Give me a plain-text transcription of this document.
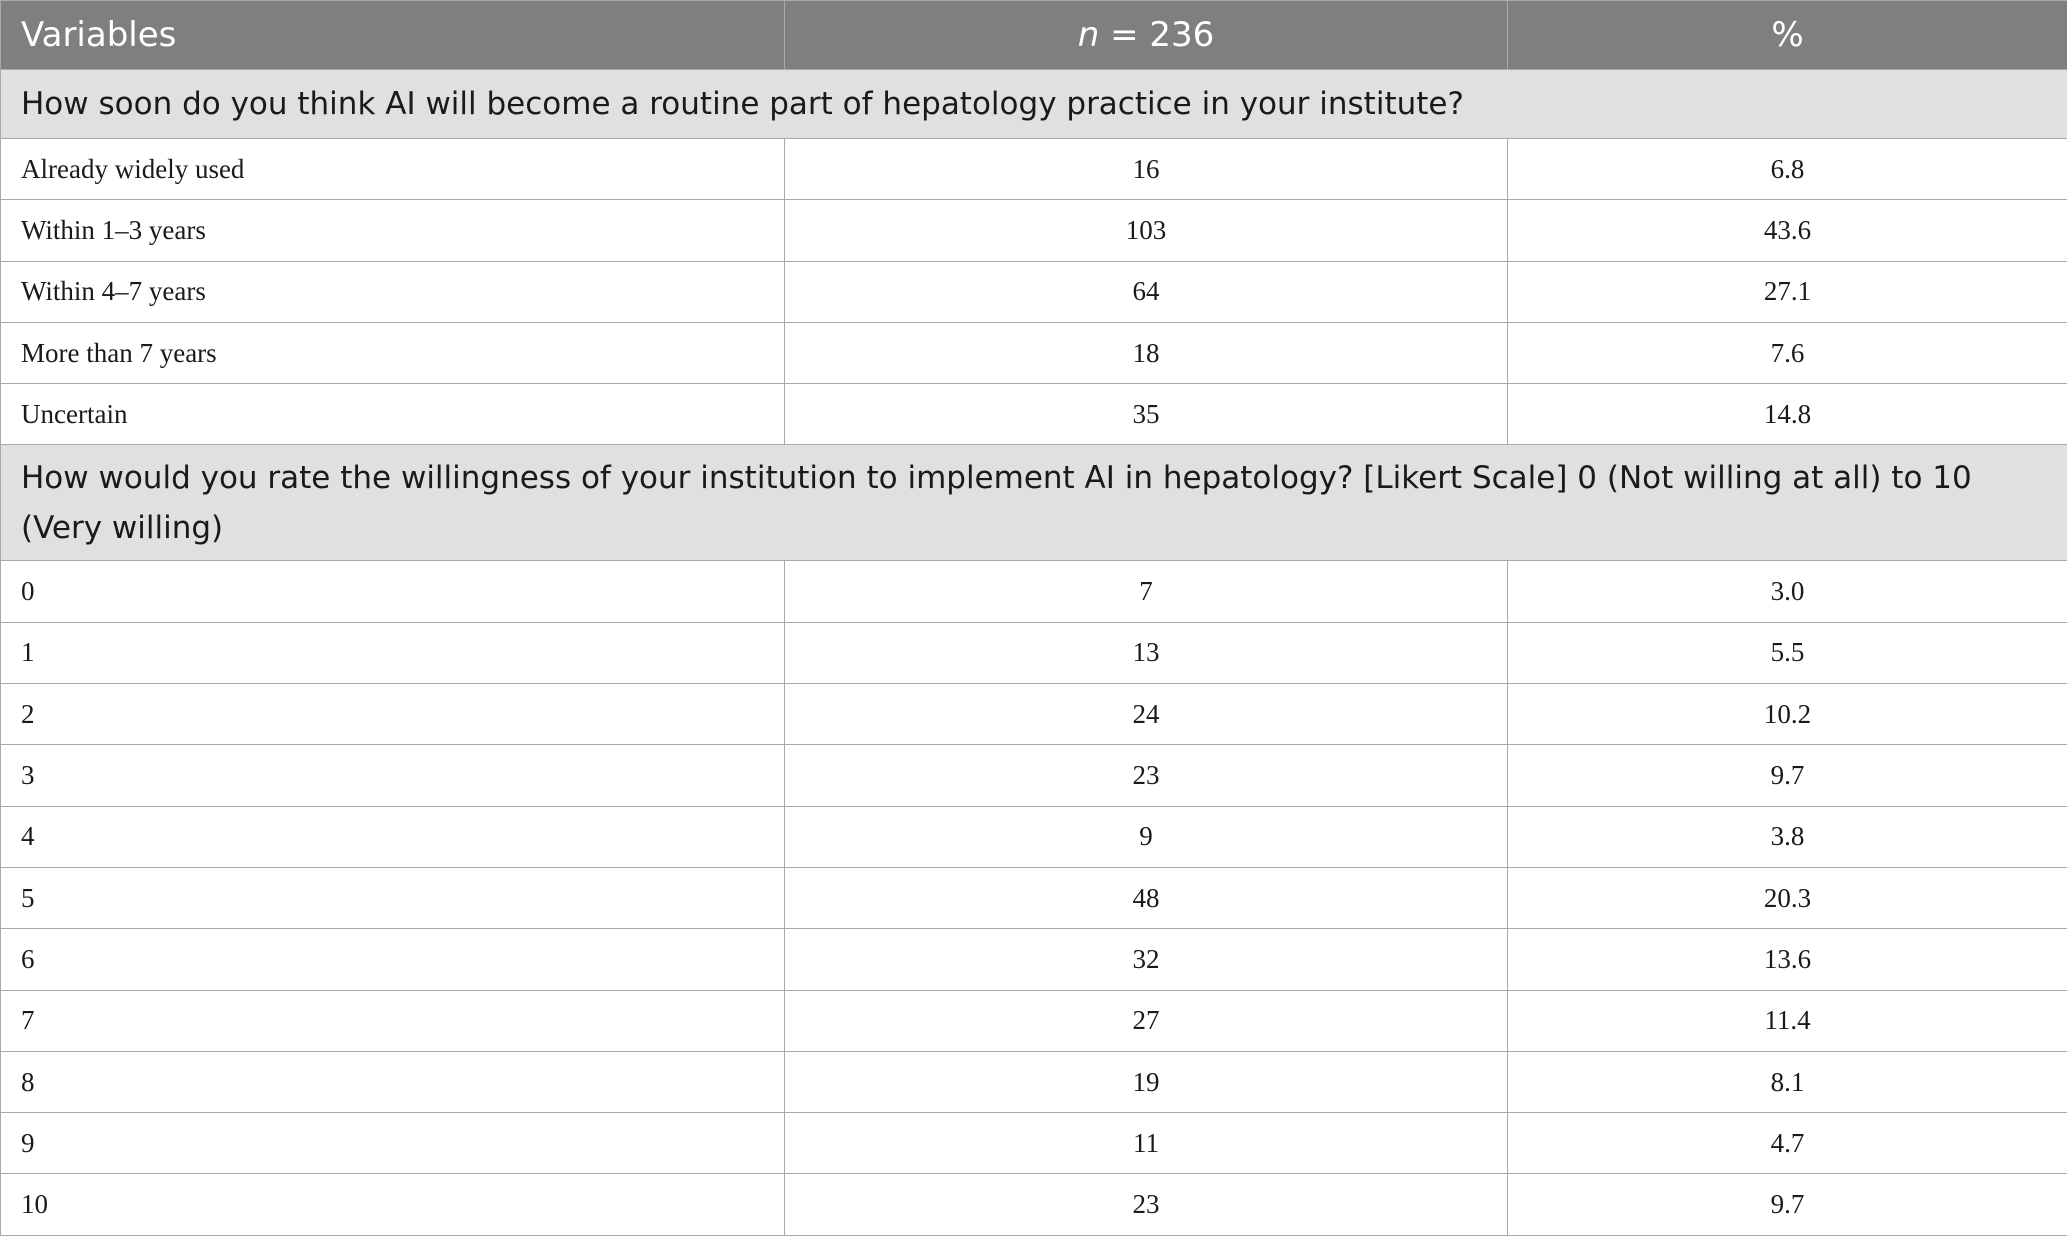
Variables	n = 236	%
How soon do you think AI will become a routine part of hepatology practice in your institute?		
Already widely used	16	6.8
Within 1–3 years	103	43.6
Within 4–7 years	64	27.1
More than 7 years	18	7.6
Uncertain	35	14.8
How would you rate the willingness of your institution to implement AI in hepatology? [Likert Scale] 0 (Not willing at all) to 10 (Very willing)		
0	7	3.0
1	13	5.5
2	24	10.2
3	23	9.7
4	9	3.8
5	48	20.3
6	32	13.6
7	27	11.4
8	19	8.1
9	11	4.7
10	23	9.7
